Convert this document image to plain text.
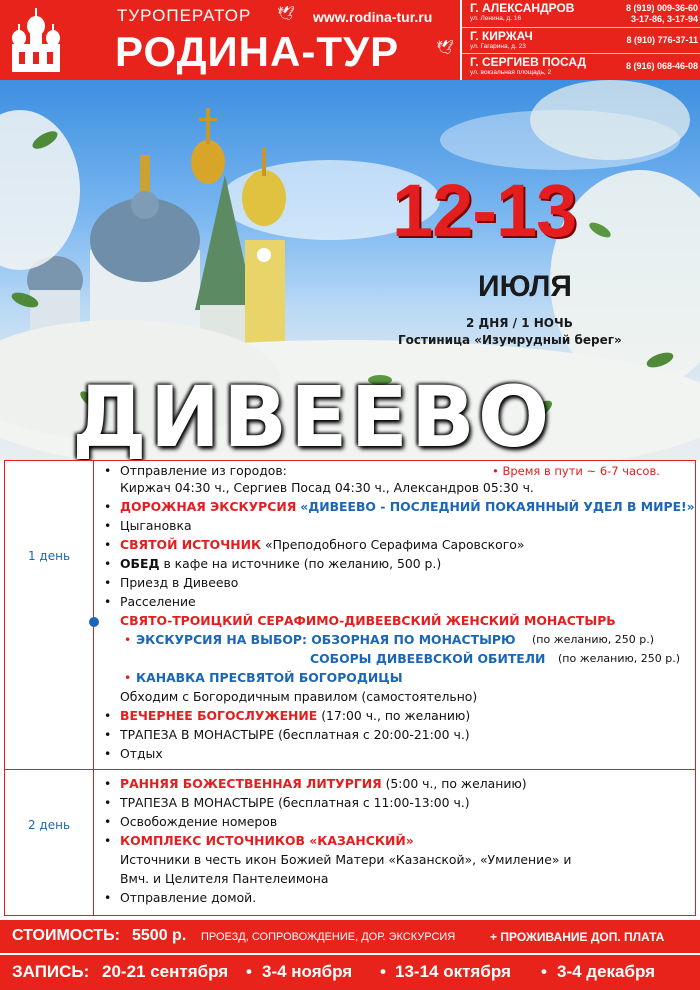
ТУРОПЕРАТОР 🕊
РОДИНА-ТУР
www.rodina-tur.ru
🕊
Г. АЛЕКСАНДРОВ
ул. Ленина, д. 16
8 (919) 009-36-60
3-17-86, 3-17-94
Г. КИРЖАЧ
ул. Гагарина, д. 23
8 (910) 776-37-11
Г. СЕРГИЕВ ПОСАД
ул. вокзальная площадь, 2
8 (916) 068-46-08
12-13
ИЮЛЯ
2 ДНЯ / 1 НОЧЬ
Гостиница «Изумрудный берег»
ДИВЕЕВО
1 день
• Отправление из городов:	• Время в пути ~ 6-7 часов.
Киржач 04:30 ч., Сергиев Посад 04:30 ч., Александров 05:30 ч.
• ДОРОЖНАЯ ЭКСКУРСИЯ «ДИВЕЕВО - ПОСЛЕДНИЙ ПОКАЯННЫЙ УДЕЛ В МИРЕ!»
• Цыгановка
• СВЯТОЙ ИСТОЧНИК «Преподобного Серафима Саровского»
• ОБЕД в кафе на источнике (по желанию, 500 р.)
• Приезд в Дивеево
• Расселение
СВЯТО-ТРОИЦКИЙ СЕРАФИМО-ДИВЕЕВСКИЙ ЖЕНСКИЙ МОНАСТЫРЬ
• ЭКСКУРСИЯ НА ВЫБОР: ОБЗОРНАЯ ПО МОНАСТЫРЮ (по желанию, 250 р.)
СОБОРЫ ДИВЕЕВСКОЙ ОБИТЕЛИ (по желанию, 250 р.)
• КАНАВКА ПРЕСВЯТОЙ БОГОРОДИЦЫ
Обходим с Богородичным правилом (самостоятельно)
• ВЕЧЕРНЕЕ БОГОСЛУЖЕНИЕ (17:00 ч., по желанию)
• ТРАПЕЗА В МОНАСТЫРЕ (бесплатная с 20:00-21:00 ч.)
• Отдых
2 день
• РАННЯЯ БОЖЕСТВЕННАЯ ЛИТУРГИЯ (5:00 ч., по желанию)
• ТРАПЕЗА В МОНАСТЫРЕ (бесплатная с 11:00-13:00 ч.)
• Освобождение номеров
• КОМПЛЕКС ИСТОЧНИКОВ «КАЗАНСКИЙ»
Источники в честь икон Божией Матери «Казанской», «Умиление» и
Вмч. и Целителя Пантелеимона
• Отправление домой.
СТОИМОСТЬ: 5500 р. ПРОЕЗД, СОПРОВОЖДЕНИЕ, ДОР. ЭКСКУРСИЯ	+ ПРОЖИВАНИЕ ДОП. ПЛАТА
ЗАПИСЬ: 20-21 сентября • 3-4 ноября • 13-14 октября • 3-4 декабря
